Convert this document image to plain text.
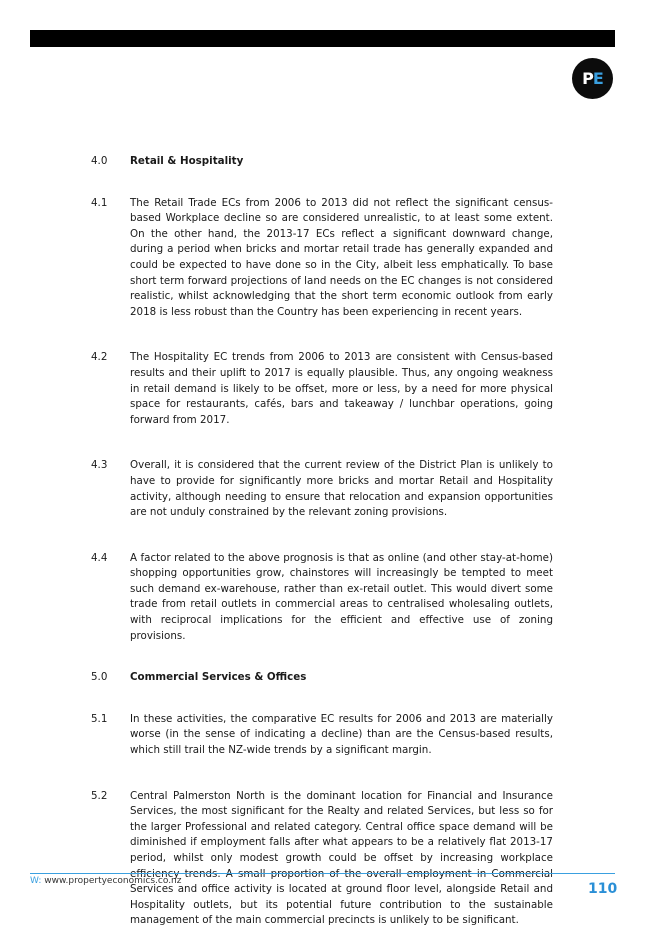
P E
4.0	Retail & Hospitality
4.1	The Retail Trade ECs from 2006 to 2013 did not reflect the significant census-based Workplace decline so are considered unrealistic, to at least some extent. On the other hand, the 2013-17 ECs reflect a significant downward change, during a period when bricks and mortar retail trade has generally expanded and could be expected to have done so in the City, albeit less emphatically. To base short term forward projections of land needs on the EC changes is not considered realistic, whilst acknowledging that the short term economic outlook from early 2018 is less robust than the Country has been experiencing in recent years.
4.2	The Hospitality EC trends from 2006 to 2013 are consistent with Census-based results and their uplift to 2017 is equally plausible. Thus, any ongoing weakness in retail demand is likely to be offset, more or less, by a need for more physical space for restaurants, cafés, bars and takeaway / lunchbar operations, going forward from 2017.
4.3	Overall, it is considered that the current review of the District Plan is unlikely to have to provide for significantly more bricks and mortar Retail and Hospitality activity, although needing to ensure that relocation and expansion opportunities are not unduly constrained by the relevant zoning provisions.
4.4	A factor related to the above prognosis is that as online (and other stay-at-home) shopping opportunities grow, chainstores will increasingly be tempted to meet such demand ex-warehouse, rather than ex-retail outlet. This would divert some trade from retail outlets in commercial areas to centralised wholesaling outlets, with reciprocal implications for the efficient and effective use of zoning provisions.
5.0	Commercial Services & Offices
5.1	In these activities, the comparative EC results for 2006 and 2013 are materially worse (in the sense of indicating a decline) than are the Census-based results, which still trail the NZ-wide trends by a significant margin.
5.2	Central Palmerston North is the dominant location for Financial and Insurance Services, the most significant for the Realty and related Services, but less so for the larger Professional and related category. Central office space demand will be diminished if employment falls after what appears to be a relatively flat 2013-17 period, whilst only modest growth could be offset by increasing workplace Services and office activity is located at ground floor level, alongside Retail and Hospitality outlets, but its potential future contribution to the sustainable management of the main commercial precincts is unlikely to be significant.
W: www.propertyeconomics.co.nz	110
